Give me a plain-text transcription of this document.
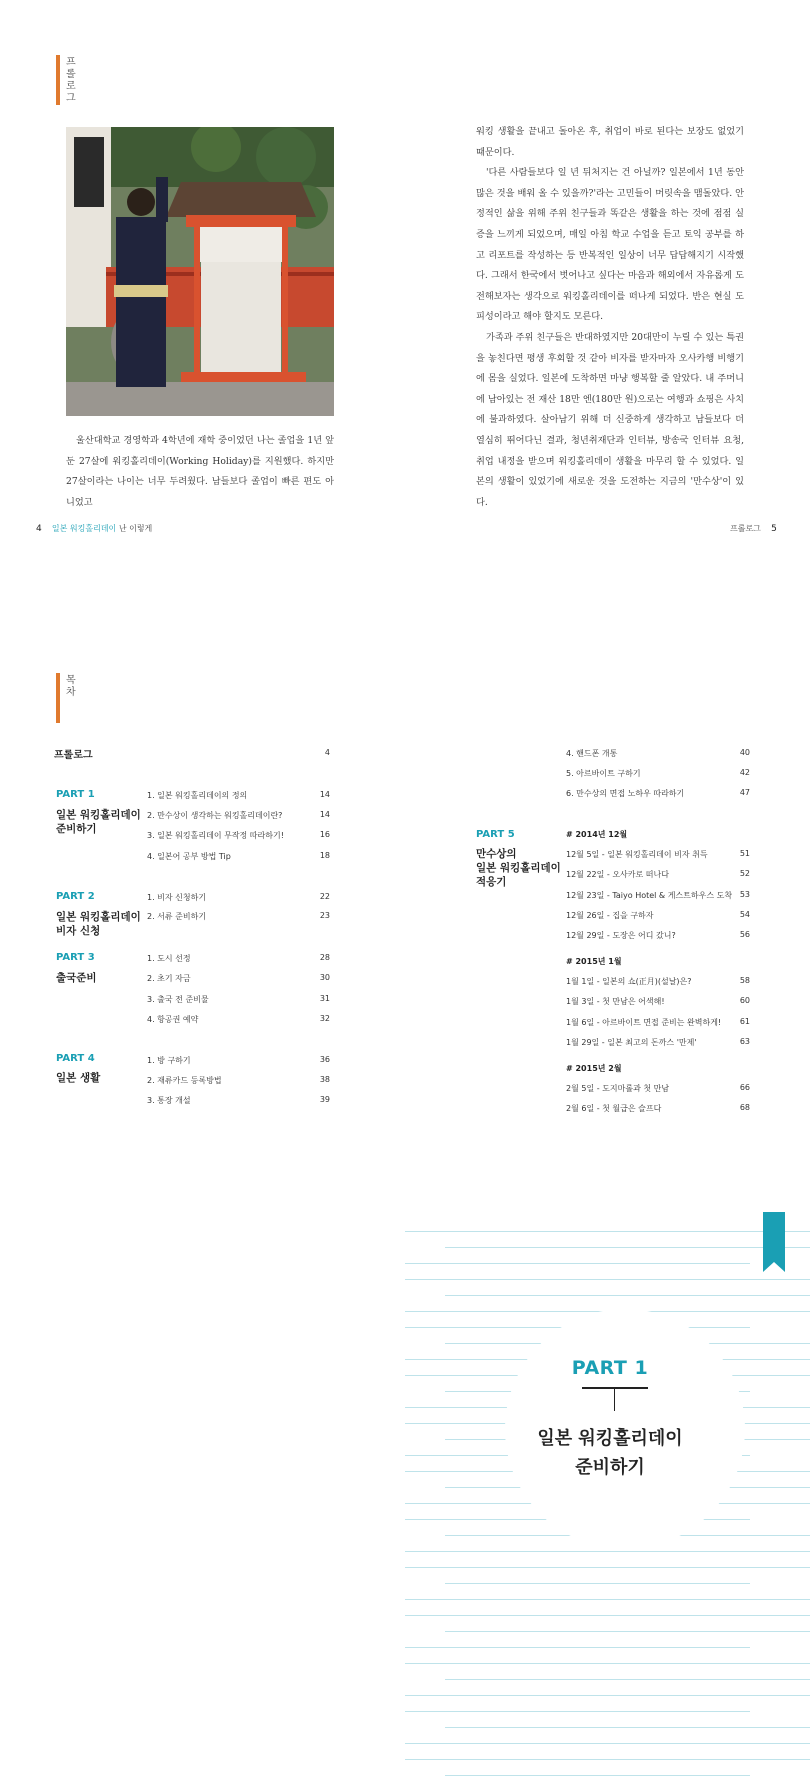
프롤로그

울산대학교 경영학과 4학년에 재학 중이었던 나는 졸업을 1년 앞둔 27살에 워킹홀리데이(Working Holiday)를 지원했다. 하지만 27살이라는 나이는 너무 두려웠다. 남들보다 졸업이 빠른 편도 아니었고

워킹 생활을 끝내고 돌아온 후, 취업이 바로 된다는 보장도 없었기 때문이다.

'다른 사람들보다 일 년 뒤처지는 건 아닐까? 일본에서 1년 동안 많은 것을 배워 올 수 있을까?'라는 고민들이 머릿속을 맴돌았다. 안정적인 삶을 위해 주위 친구들과 똑같은 생활을 하는 것에 점점 실증을 느끼게 되었으며, 매일 아침 학교 수업을 듣고 토익 공부를 하고 리포트를 작성하는 등 반복적인 일상이 너무 답답해지기 시작했다. 그래서 한국에서 벗어나고 싶다는 마음과 해외에서 자유롭게 도전해보자는 생각으로 워킹홀리데이를 떠나게 되었다. 반은 현실 도피성이라고 해야 할지도 모른다.

가족과 주위 친구들은 반대하였지만 20대만이 누릴 수 있는 특권을 놓친다면 평생 후회할 것 같아 비자를 받자마자 오사카행 비행기에 몸을 실었다. 일본에 도착하면 마냥 행복할 줄 알았다. 내 주머니에 남아있는 전 재산 18만 엔(180만 원)으로는 여행과 쇼핑은 사치에 불과하였다. 살아남기 위해 더 신중하게 생각하고 남들보다 더 열심히 뛰어다닌 결과, 청년취재단과 인터뷰, 방송국 인터뷰 요청, 취업 내정을 받으며 워킹홀리데이 생활을 마무리 할 수 있었다. 일본의 생활이 있었기에 새로운 것을 도전하는 지금의 '만수상'이 있다.

4 일본 워킹홀리데이 난 이렇게	프롤로그 5
목차
프롤로그	4
PART 1
일본 워킹홀리데이
준비하기
1. 일본 워킹홀리데이의 정의	14
2. 만수상이 생각하는 워킹홀리데이란?	14
3. 일본 워킹홀리데이 무작정 따라하기!	16
4. 일본어 공부 방법 Tip	18
PART 2
일본 워킹홀리데이
비자 신청
1. 비자 신청하기	22
2. 서류 준비하기	23
PART 3
출국준비
1. 도시 선정	28
2. 초기 자금	30
3. 출국 전 준비물	31
4. 항공권 예약	32
PART 4
일본 생활
1. 방 구하기	36
2. 재류카드 등록방법	38
3. 통장 개설	39
4. 핸드폰 개통	40
5. 아르바이트 구하기	42
6. 만수상의 면접 노하우 따라하기	47
PART 5
만수상의
일본 워킹홀리데이
적응기
# 2014년 12월
12월 5일 - 일본 워킹홀리데이 비자 취득	51
12월 22일 - 오사카로 떠나다	52
12월 23일 - Taiyo Hotel & 게스트하우스 도착 53
12월 26일 - 집을 구하자	54
12월 29일 - 도장은 어디 갔니?	56
# 2015년 1월
1월 1일 - 일본의 쇼(正月)(설날)은?	58
1월 3일 - 첫 만남은 어색해!	60
1월 6일 - 아르바이트 면접 준비는 완벽하게!	61
1월 29일 - 일본 최고의 돈까스 '만제'	63
# 2015년 2월
2월 5일 - 도지마롤과 첫 만남	66
2월 6일 - 첫 월급은 슬프다	68
PART 1
일본 워킹홀리데이
준비하기
